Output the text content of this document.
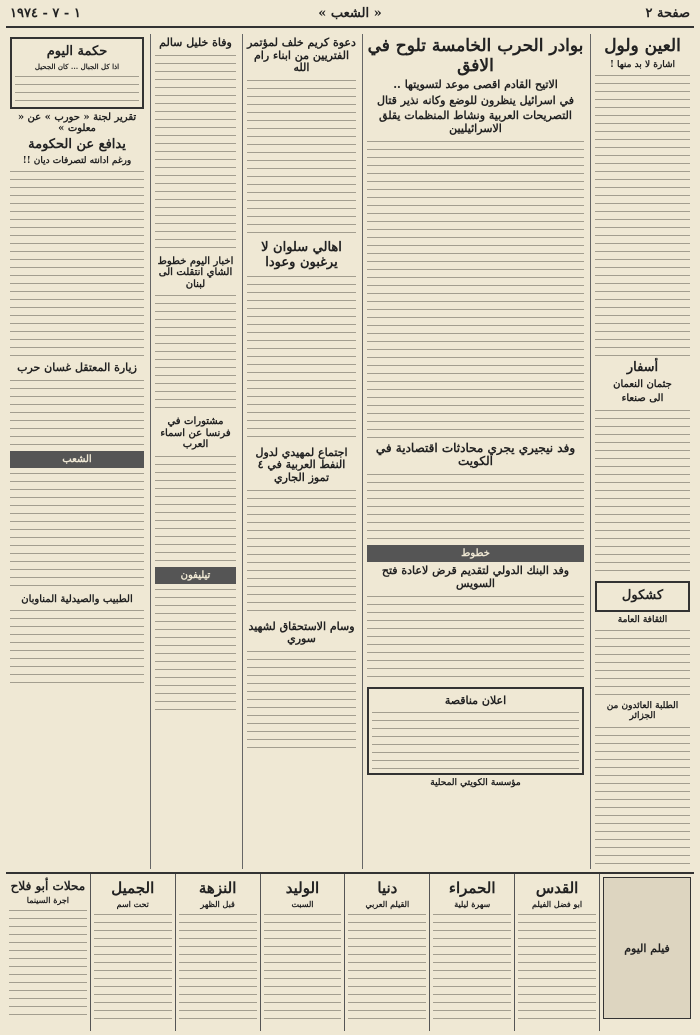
صفحة ٢
« الشعب »
١ - ٧ - ١٩٧٤
العين ولول
اشارة لا بد منها !
أسفار
جثمان النعمان
الى صنعاء
كشكول
الثقافة العامة
الطلبة العائدون من الجزائر
بوادر الحرب الخامسة تلوح في الافق
الاتيح القادم اقصى موعد لتسويتها ..
في اسرائيل ينظرون للوضع وكانه نذير قتال
التصريحات العربية ونشاط المنظمات يقلق الاسرائيليين
وفد نيجيري يجري محادثات اقتصادية في الكويت
خطوط
وفد البنك الدولي لتقديم قرض لاعادة فتح السويس
اعلان مناقصة
مؤسسة الكويتي المحلية
دعوة كريم خلف لمؤتمر الفتريين من ابناء رام الله
اهالي سلوان لا يرغبون وعودا
اجتماع لمهيدي لدول النفط العربية في ٤ تموز الجاري
وسام الاستحقاق لشهيد سوري
وفاة خليل سالم
اخبار اليوم خطوط الشاي انتقلت الى لبنان
مشتورات في فرنسا عن اسماء العرب
تيليفون
حكمة اليوم
اذا كل الجبال ... كان الجحيل
تقرير لجنة « حورب » عن « معلوت »
يدافع عن الحكومة
ورغم ادانته لتصرفات ديان !!
زيارة المعتقل غسان حرب
الشعب
الطبيب والصيدلية المناوبان
فيلم اليوم
القدس
ابو فضل الفيلم
الحمراء
سهرة ليلية
دنيا
القيلم العربي
الوليد
السبت
النزهة
قبل الظهر
الجميل
تحت اسم
محلات أبو فلاح
اجرة السينما
